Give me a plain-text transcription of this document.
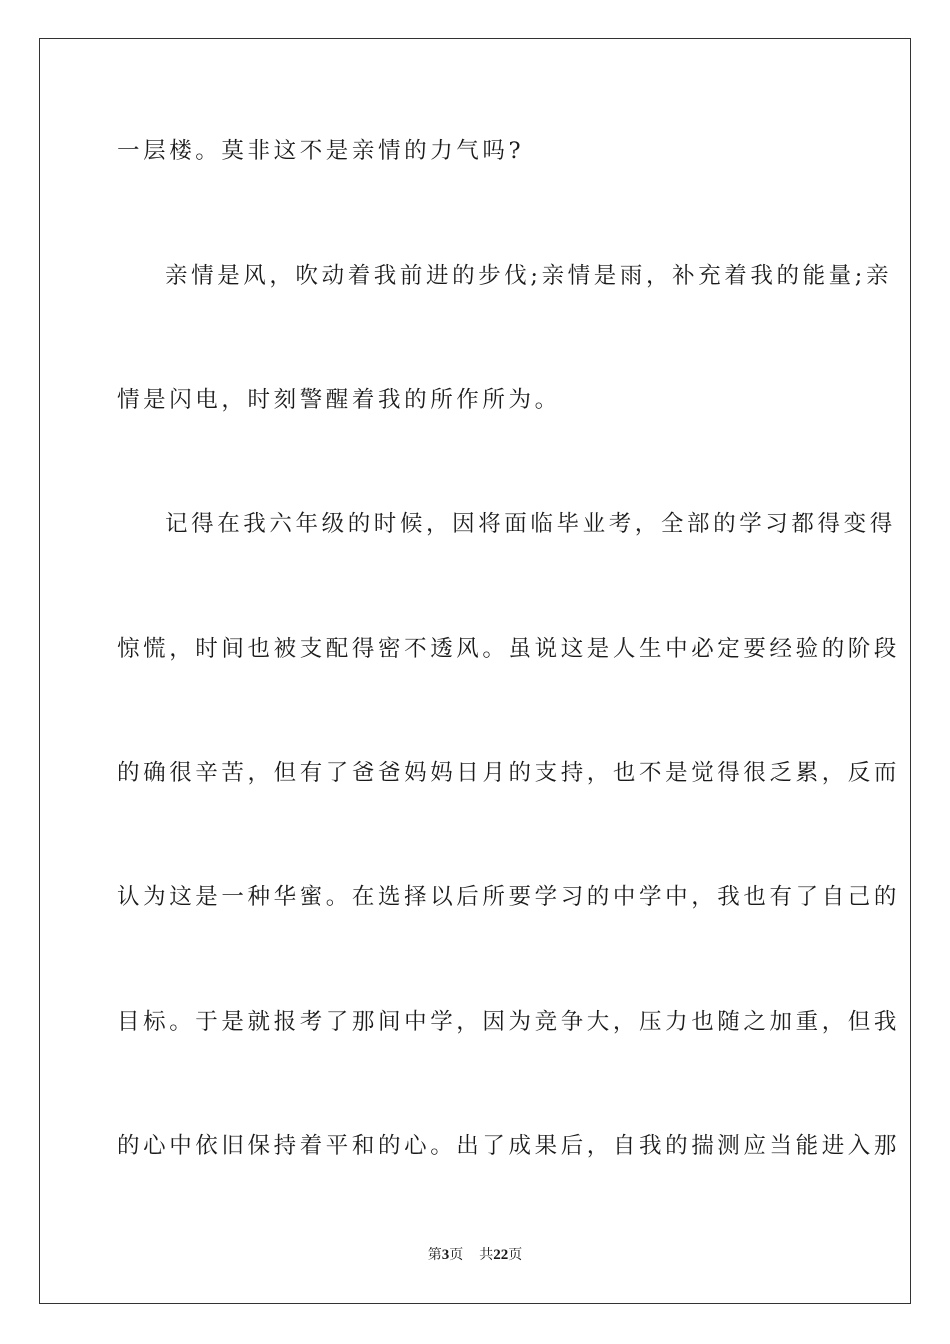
一层楼。莫非这不是亲情的力气吗?
亲情是风，吹动着我前进的步伐;亲情是雨，补充着我的能量;亲
情是闪电，时刻警醒着我的所作所为。
记得在我六年级的时候，因将面临毕业考，全部的学习都得变得
惊慌，时间也被支配得密不透风。虽说这是人生中必定要经验的阶段
的确很辛苦，但有了爸爸妈妈日月的支持，也不是觉得很乏累，反而
认为这是一种华蜜。在选择以后所要学习的中学中，我也有了自己的
目标。于是就报考了那间中学，因为竞争大，压力也随之加重，但我
的心中依旧保持着平和的心。出了成果后，自我的揣测应当能进入那
第3页 共22页
